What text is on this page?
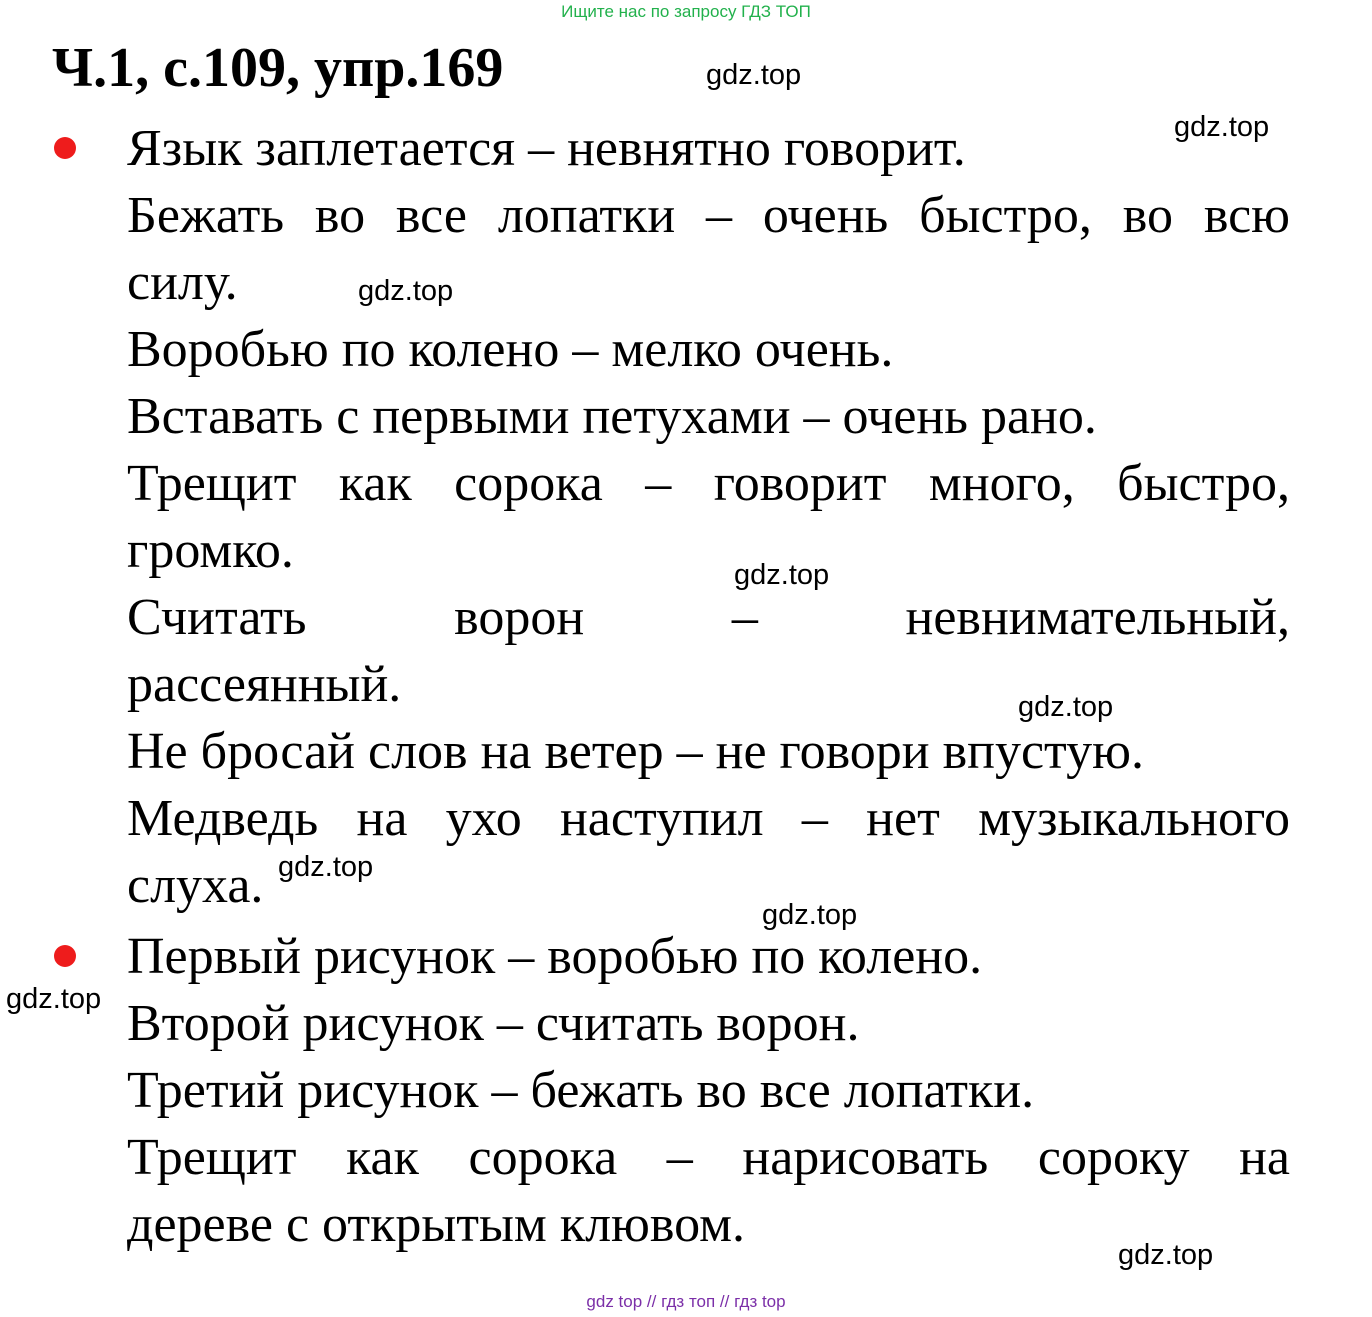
Ищите нас по запросу ГДЗ ТОП
Ч.1, с.109, упр.169
Язык заплетается – невнятно говорит.
Бежать во все лопатки – очень быстро, во всю
силу.
Воробью по колено – мелко очень.
Вставать с первыми петухами – очень рано.
Трещит как сорока – говорит много, быстро,
громко.
Считать ворон – невнимательный,
рассеянный.
Не бросай слов на ветер – не говори впустую.
Медведь на ухо наступил – нет музыкального
слуха.
Первый рисунок – воробью по колено.
Второй рисунок – считать ворон.
Третий рисунок – бежать во все лопатки.
Трещит как сорока – нарисовать сороку на
дереве с открытым клювом.
gdz.top
gdz.top
gdz.top
gdz.top
gdz.top
gdz.top
gdz.top
gdz.top
gdz.top
gdz top // гдз топ // гдз top
